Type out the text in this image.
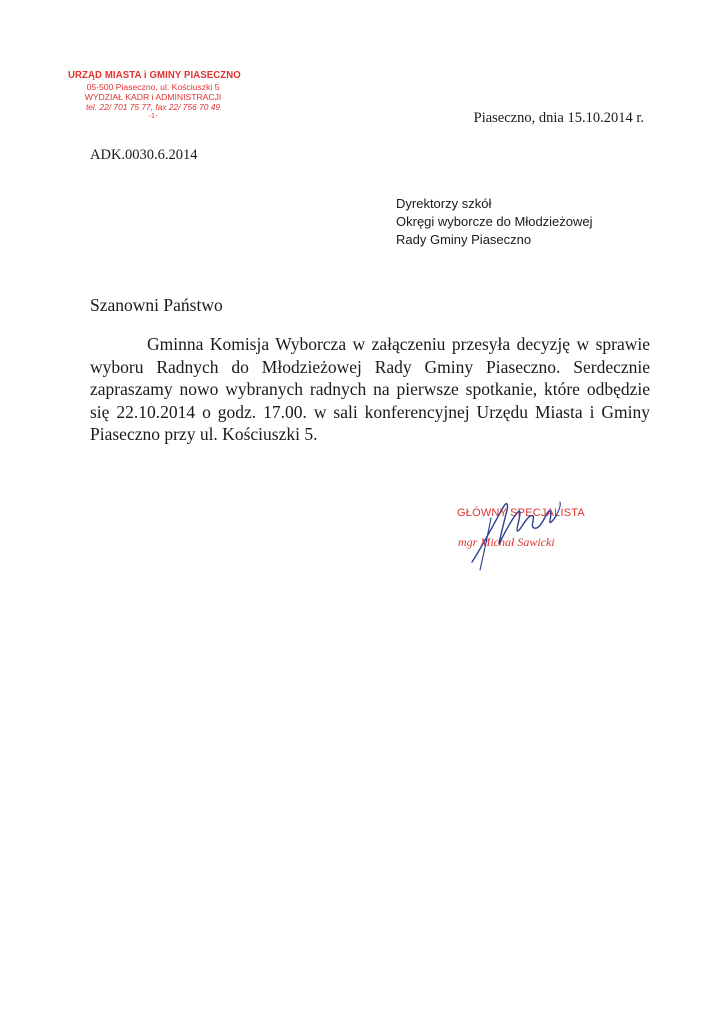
URZĄD MIASTA i GMINY PIASECZNO
05-500 Piaseczno, ul. Kościuszki 5
WYDZIAŁ KADR i ADMINISTRACJI
tel. 22/ 701 75 77, fax 22/ 756 70 49
-1-	Piaseczno, dnia 15.10.2014 r.
ADK.0030.6.2014
Dyrektorzy szkół
Okręgi wyborcze do Młodzieżowej
Rady Gminy Piaseczno
Szanowni Państwo
Gminna Komisja Wyborcza w załączeniu przesyła decyzję w sprawie wyboru Radnych do Młodzieżowej Rady Gminy Piaseczno. Serdecznie zapraszamy nowo wybranych radnych na pierwsze spotkanie, które odbędzie się 22.10.2014 o godz. 17.00. w sali konferencyjnej Urzędu Miasta i Gminy Piaseczno przy ul. Kościuszki 5.
GŁÓWNY SPECJALISTA
mgr Michał Sawicki
